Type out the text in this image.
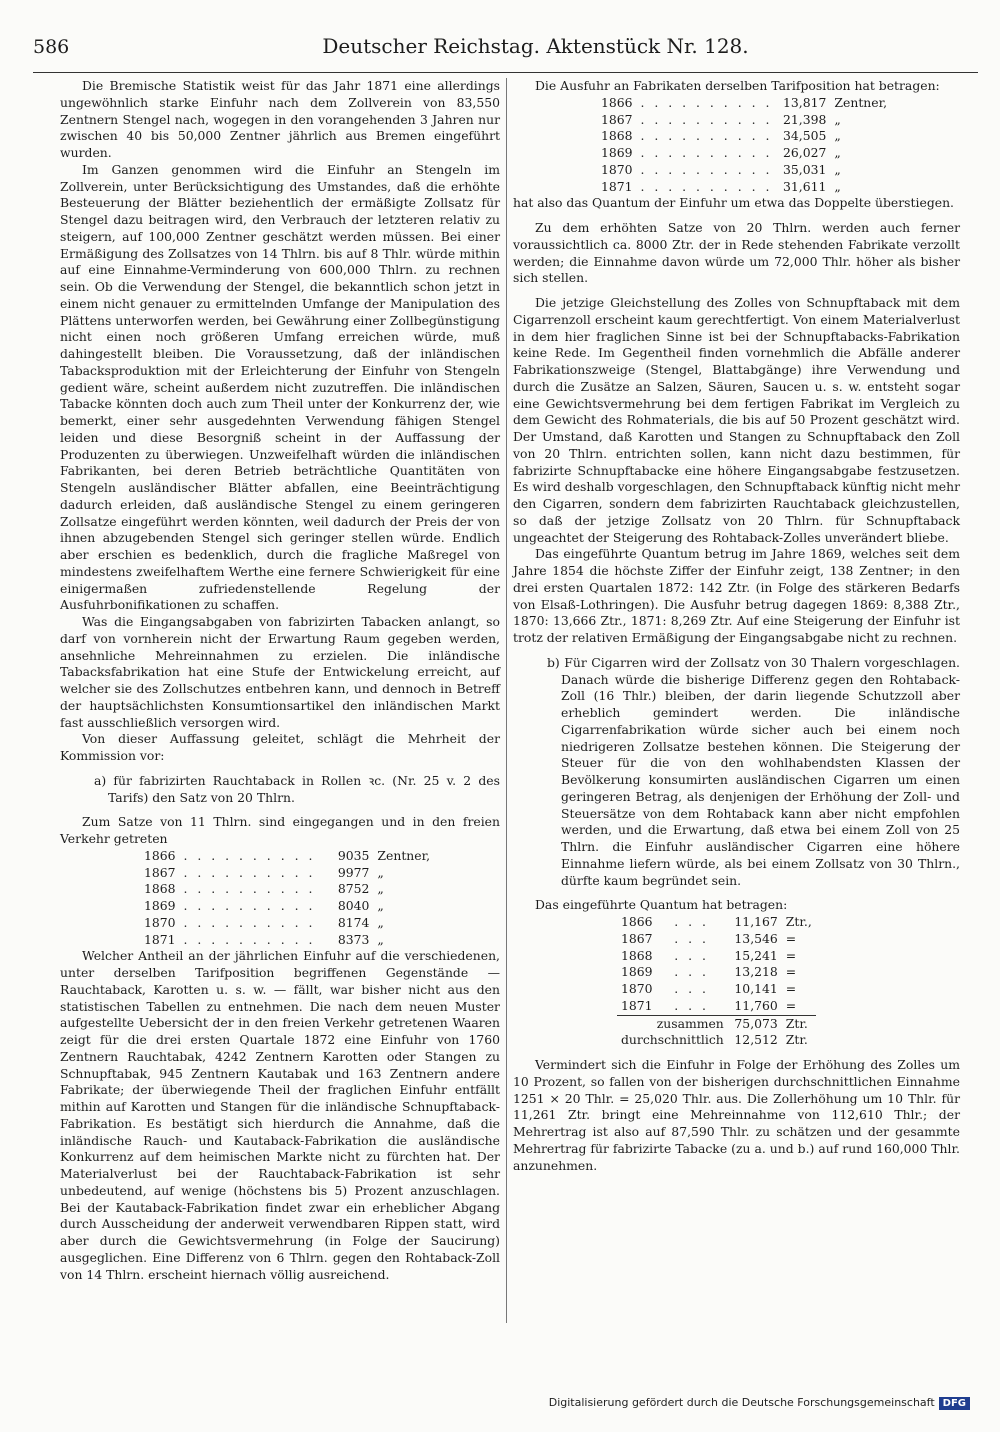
586	Deutscher Reichstag. Aktenstück Nr. 128.

Die Bremische Statistik weist für das Jahr 1871 eine allerdings ungewöhnlich starke Einfuhr nach dem Zollverein von 83,550 Zentnern Stengel nach, wogegen in den vorangehenden 3 Jahren nur zwischen 40 bis 50,000 Zentner jährlich aus Bremen eingeführt wurden.

Im Ganzen genommen wird die Einfuhr an Stengeln im Zollverein, unter Berücksichtigung des Umstandes, daß die erhöhte Besteuerung der Blätter beziehentlich der ermäßigte Zollsatz für Stengel dazu beitragen wird, den Verbrauch der letzteren relativ zu steigern, auf 100,000 Zentner geschätzt werden müssen. Bei einer Ermäßigung des Zollsatzes von 14 Thlrn. bis auf 8 Thlr. würde mithin auf eine Einnahme-Verminderung von 600,000 Thlrn. zu rechnen sein. Ob die Verwendung der Stengel, die bekanntlich schon jetzt in einem nicht genauer zu ermittelnden Umfange der Manipulation des Plättens unterworfen werden, bei Gewährung einer Zollbegünstigung nicht einen noch größeren Umfang erreichen würde, muß dahingestellt bleiben. Die Voraussetzung, daß der inländischen Tabacksproduktion mit der Erleichterung der Einfuhr von Stengeln gedient wäre, scheint außerdem nicht zuzutreffen. Die inländischen Tabacke könnten doch auch zum Theil unter der Konkurrenz der, wie bemerkt, einer sehr ausgedehnten Verwendung fähigen Stengel leiden und diese Besorgniß scheint in der Auffassung der Produzenten zu überwiegen. Unzweifelhaft würden die inländischen Fabrikanten, bei deren Betrieb beträchtliche Quantitäten von Stengeln ausländischer Blätter abfallen, eine Beeinträchtigung dadurch erleiden, daß ausländische Stengel zu einem geringeren Zollsatze eingeführt werden könnten, weil dadurch der Preis der von ihnen abzugebenden Stengel sich geringer stellen würde. Endlich aber erschien es bedenklich, durch die fragliche Maßregel von mindestens zweifelhaftem Werthe eine fernere Schwierigkeit für eine einigermaßen zufriedenstellende Regelung der Ausfuhrbonifikationen zu schaffen.

Was die Eingangsabgaben von fabrizirten Tabacken anlangt, so darf von vornherein nicht der Erwartung Raum gegeben werden, ansehnliche Mehreinnahmen zu erzielen. Die inländische Tabacksfabrikation hat eine Stufe der Entwickelung erreicht, auf welcher sie des Zollschutzes entbehren kann, und dennoch in Betreff der hauptsächlichsten Konsumtionsartikel den inländischen Markt fast ausschließlich versorgen wird.

Von dieser Auffassung geleitet, schlägt die Mehrheit der Kommission vor:

a) für fabrizirten Rauchtaback in Rollen ꝛc. (Nr. 25 v. 2 des Tarifs) den Satz von 20 Thlrn.

Zum Satze von 11 Thlrn. sind eingegangen und in den freien Verkehr getreten

1866	. . . . . . . . . .	9035	Zentner,
1867	. . . . . . . . . .	9977	„
1868	. . . . . . . . . .	8752	„
1869	. . . . . . . . . .	8040	„
1870	. . . . . . . . . .	8174	„
1871	. . . . . . . . . .	8373	„

Welcher Antheil an der jährlichen Einfuhr auf die verschiedenen, unter derselben Tarifposition begriffenen Gegenstände — Rauchtaback, Karotten u. s. w. — fällt, war bisher nicht aus den statistischen Tabellen zu entnehmen. Die nach dem neuen Muster aufgestellte Uebersicht der in den freien Verkehr getretenen Waaren zeigt für die drei ersten Quartale 1872 eine Einfuhr von 1760 Zentnern Rauchtabak, 4242 Zentnern Karotten oder Stangen zu Schnupftabak, 945 Zentnern Kautabak und 163 Zentnern andere Fabrikate; der überwiegende Theil der fraglichen Einfuhr entfällt mithin auf Karotten und Stangen für die inländische Schnupftaback-Fabrikation. Es bestätigt sich hierdurch die Annahme, daß die inländische Rauch- und Kautaback-Fabrikation die ausländische Konkurrenz auf dem heimischen Markte nicht zu fürchten hat. Der Materialverlust bei der Rauchtaback-Fabrikation ist sehr unbedeutend, auf wenige (höchstens bis 5) Prozent anzuschlagen. Bei der Kautaback-Fabrikation findet zwar ein erheblicher Abgang durch Ausscheidung der anderweit verwendbaren Rippen statt, wird aber durch die Gewichtsvermehrung (in Folge der Saucirung) ausgeglichen. Eine Differenz von 6 Thlrn. gegen den Rohtaback-Zoll von 14 Thlrn. erscheint hiernach völlig ausreichend.

Die Ausfuhr an Fabrikaten derselben Tarifposition hat betragen:

1866	. . . . . . . . . .	13,817	Zentner,
1867	. . . . . . . . . .	21,398	„
1868	. . . . . . . . . .	34,505	„
1869	. . . . . . . . . .	26,027	„
1870	. . . . . . . . . .	35,031	„
1871	. . . . . . . . . .	31,611	„

hat also das Quantum der Einfuhr um etwa das Doppelte überstiegen.

Zu dem erhöhten Satze von 20 Thlrn. werden auch ferner voraussichtlich ca. 8000 Ztr. der in Rede stehenden Fabrikate verzollt werden; die Einnahme davon würde um 72,000 Thlr. höher als bisher sich stellen.

Die jetzige Gleichstellung des Zolles von Schnupftaback mit dem Cigarrenzoll erscheint kaum gerechtfertigt. Von einem Materialverlust in dem hier fraglichen Sinne ist bei der Schnupftabacks-Fabrikation keine Rede. Im Gegentheil finden vornehmlich die Abfälle anderer Fabrikationszweige (Stengel, Blattabgänge) ihre Verwendung und durch die Zusätze an Salzen, Säuren, Saucen u. s. w. entsteht sogar eine Gewichtsvermehrung bei dem fertigen Fabrikat im Vergleich zu dem Gewicht des Rohmaterials, die bis auf 50 Prozent geschätzt wird. Der Umstand, daß Karotten und Stangen zu Schnupftaback den Zoll von 20 Thlrn. entrichten sollen, kann nicht dazu bestimmen, für fabrizirte Schnupftabacke eine höhere Eingangsabgabe festzusetzen. Es wird deshalb vorgeschlagen, den Schnupftaback künftig nicht mehr den Cigarren, sondern dem fabrizirten Rauchtaback gleichzustellen, so daß der jetzige Zollsatz von 20 Thlrn. für Schnupftaback ungeachtet der Steigerung des Rohtaback-Zolles unverändert bliebe.

Das eingeführte Quantum betrug im Jahre 1869, welches seit dem Jahre 1854 die höchste Ziffer der Einfuhr zeigt, 138 Zentner; in den drei ersten Quartalen 1872: 142 Ztr. (in Folge des stärkeren Bedarfs von Elsaß-Lothringen). Die Ausfuhr betrug dagegen 1869: 8,388 Ztr., 1870: 13,666 Ztr., 1871: 8,269 Ztr. Auf eine Steigerung der Einfuhr ist trotz der relativen Ermäßigung der Eingangsabgabe nicht zu rechnen.

b) Für Cigarren wird der Zollsatz von 30 Thalern vorgeschlagen. Danach würde die bisherige Differenz gegen den Rohtaback-Zoll (16 Thlr.) bleiben, der darin liegende Schutzzoll aber erheblich gemindert werden. Die inländische Cigarrenfabrikation würde sicher auch bei einem noch niedrigeren Zollsatze bestehen können. Die Steigerung der Steuer für die von den wohlhabendsten Klassen der Bevölkerung konsumirten ausländischen Cigarren um einen geringeren Betrag, als denjenigen der Erhöhung der Zoll- und Steuersätze von dem Rohtaback kann aber nicht empfohlen werden, und die Erwartung, daß etwa bei einem Zoll von 25 Thlrn. die Einfuhr ausländischer Cigarren eine höhere Einnahme liefern würde, als bei einem Zollsatz von 30 Thlrn., dürfte kaum begründet sein.

Das eingeführte Quantum hat betragen:

1866	. . .	11,167	Ztr.,
1867	. . .	13,546	=
1868	. . .	15,241	=
1869	. . .	13,218	=
1870	. . .	10,141	=
1871	. . .	11,760	=
zusammen		75,073	Ztr.
durchschnittlich		12,512	Ztr.

Vermindert sich die Einfuhr in Folge der Erhöhung des Zolles um 10 Prozent, so fallen von der bisherigen durchschnittlichen Einnahme 1251 × 20 Thlr. = 25,020 Thlr. aus. Die Zollerhöhung um 10 Thlr. für 11,261 Ztr. bringt eine Mehreinnahme von 112,610 Thlr.; der Mehrertrag ist also auf 87,590 Thlr. zu schätzen und der gesammte Mehrertrag für fabrizirte Tabacke (zu a. und b.) auf rund 160,000 Thlr. anzunehmen.

Digitalisierung gefördert durch die Deutsche Forschungsgemeinschaft DFG
